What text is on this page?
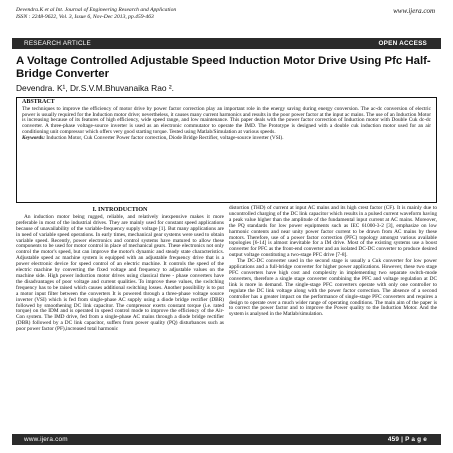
Devendra.K et al Int. Journal of Engineering Research and Application
ISSN : 2248-9622, Vol. 3, Issue 6, Nov-Dec 2013, pp.459-463
www.ijera.com
RESEARCH ARTICLE	OPEN ACCESS
A Voltage Controlled Adjustable Speed Induction Motor Drive Using Pfc Half-Bridge Converter
Devendra. K¹, Dr.S.V.M.Bhuvanaika Rao ².
ABSTRACT
The techniques to improve the efficiency of motor drive by power factor correction play an important role in the energy saving during energy conversion. The ac-dc conversion of electric power is usually required for the Induction motor drive; nevertheless, it causes many current harmonics and results in the poor power factor at the input ac mains. The use of an Induction Motor is increasing because of its features of high efficiency, wide speed range, and low maintenance. This paper deals with the power factor correction of Induction motor with Double Cuk dc-dc converter. A three-phase voltage-source inverter is used as an electronic commutator to operate the IMD. The Prototype is designed with a double cuk induction motor used for an air conditioning unit compressor which offers very good starting torque. Tested using Matlab/Simulation at various speeds.
Keywords: Induction Motor, Cuk Converter Power factor correction, Diode Bridge Rectifier, voltage-source inverter (VSI).
I. INTRODUCTION

An induction motor being rugged, reliable, and relatively inexpensive makes it more preferable in most of the industrial drives. They are mainly used for constant speed applications because of unavailability of the variable-frequency supply voltage [1]. But many applications are in need of variable speed operations. In early times, mechanical gear systems were used to obtain variable speed. Recently, power electronics and control systems have matured to allow these components to be used for motor control in place of mechanical gears. These electronics not only control the motor's speed, but can improve the motor's dynamic and steady state characteristics. Adjustable speed ac machine system is equipped with an adjustable frequency drive that is a power electronic device for speed control of an electric machine. It controls the speed of the electric machine by converting the fixed voltage and frequency to adjustable values on the machine side. High power induction motor drives using classical three - phase converters have the disadvantages of poor voltage and current qualities. To improve these values, the switching frequency has to be raised which causes additional switching losses. Another possibility is to put a motor input filter between the converters It is powered through a three-phase voltage source inverter (VSI) which is fed from single-phase AC supply using a diode bridge rectifier (DBR) followed by smoothening DC link capacitor. The compressor exerts constant torque (i.e. rated torque) on the IDM and is operated in speed control mode to improve the efficiency of the Air-Con system. The IMD drive, fed from a single-phase AC mains through a diode bridge rectifier (DBR) followed by a DC link capacitor, suffers from power quality (PQ) disturbances such as poor power factor (PF),increased total harmonic

distortion (THD) of current at input AC mains and its high crest factor (CF). It is mainly due to uncontrolled charging of the DC link capacitor which results in a pulsed current waveform having a peak value higher than the amplitude of the fundamental input current at AC mains. Moreover, the PQ standards for low power equipments such as IEC 61000-3-2 [3], emphasize on low harmonic contents and near unity power factor current to be drawn from AC mains by these motors. Therefore, use of a power factor correction (PFC) topology amongst various available topologies [6-14] is almost inevitable for a IM drive. Most of the existing systems use a boost converter for PFC as the front-end converter and an isolated DC-DC converter to produce desired output voltage constituting a two-stage PFC drive [7-8].

The DC-DC converter used in the second stage is usually a Cuk converter for low power applications and a full-bridge converter for higher power applications. However, these two stage PFC converters have high cost and complexity in implementing two separate switch-mode converters, therefore a single stage converter combining the PFC and voltage regulation at DC link is more in demand. The single-stage PFC converters operate with only one controller to regulate the DC link voltage along with the power factor correction. The absence of a second controller has a greater impact on the performance of single-stage PFC converters and requires a design to operate over a much wider range of operating conditions. The main aim of the paper is to correct the power factor and to improve the Power quality to the Induction Motor. And the system is analysed in the Matlab/simulation.

www.ijera.com	459 | P a g e
